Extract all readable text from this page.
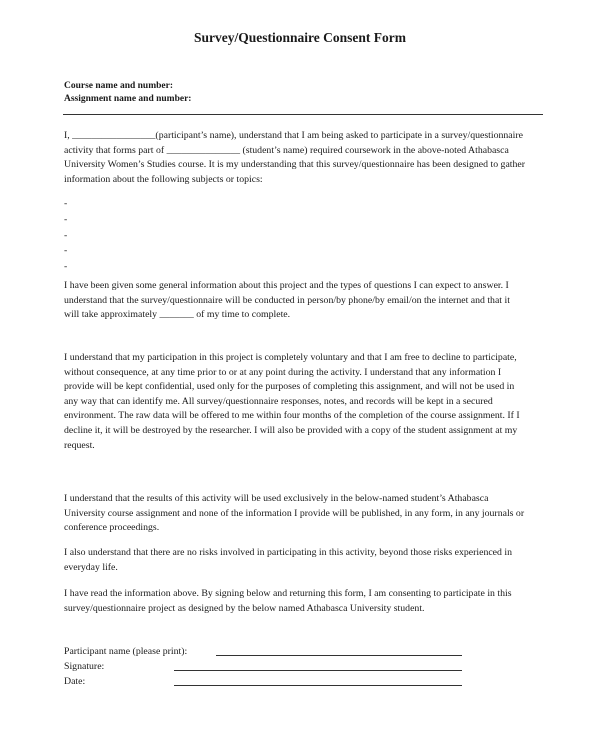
Survey/Questionnaire Consent Form
Course name and number:
Assignment name and number:
I, _________________(participant’s name), understand that I am being asked to participate in a survey/questionnaire activity that forms part of _______________ (student’s name) required coursework in the above-noted Athabasca University Women’s Studies course. It is my understanding that this survey/questionnaire has been designed to gather information about the following subjects or topics:
-
-
-
-
-
I have been given some general information about this project and the types of questions I can expect to answer. I understand that the survey/questionnaire will be conducted in person/by phone/by email/on the internet and that it will take approximately _______ of my time to complete.
I understand that my participation in this project is completely voluntary and that I am free to decline to participate, without consequence, at any time prior to or at any point during the activity. I understand that any information I provide will be kept confidential, used only for the purposes of completing this assignment, and will not be used in any way that can identify me. All survey/questionnaire responses, notes, and records will be kept in a secured environment. The raw data will be offered to me within four months of the completion of the course assignment. If I decline it, it will be destroyed by the researcher. I will also be provided with a copy of the student assignment at my request.
I understand that the results of this activity will be used exclusively in the below-named student’s Athabasca University course assignment and none of the information I provide will be published, in any form, in any journals or conference proceedings.
I also understand that there are no risks involved in participating in this activity, beyond those risks experienced in everyday life.
I have read the information above. By signing below and returning this form, I am consenting to participate in this survey/questionnaire project as designed by the below named Athabasca University student.
Participant name (please print):
Signature:
Date:
